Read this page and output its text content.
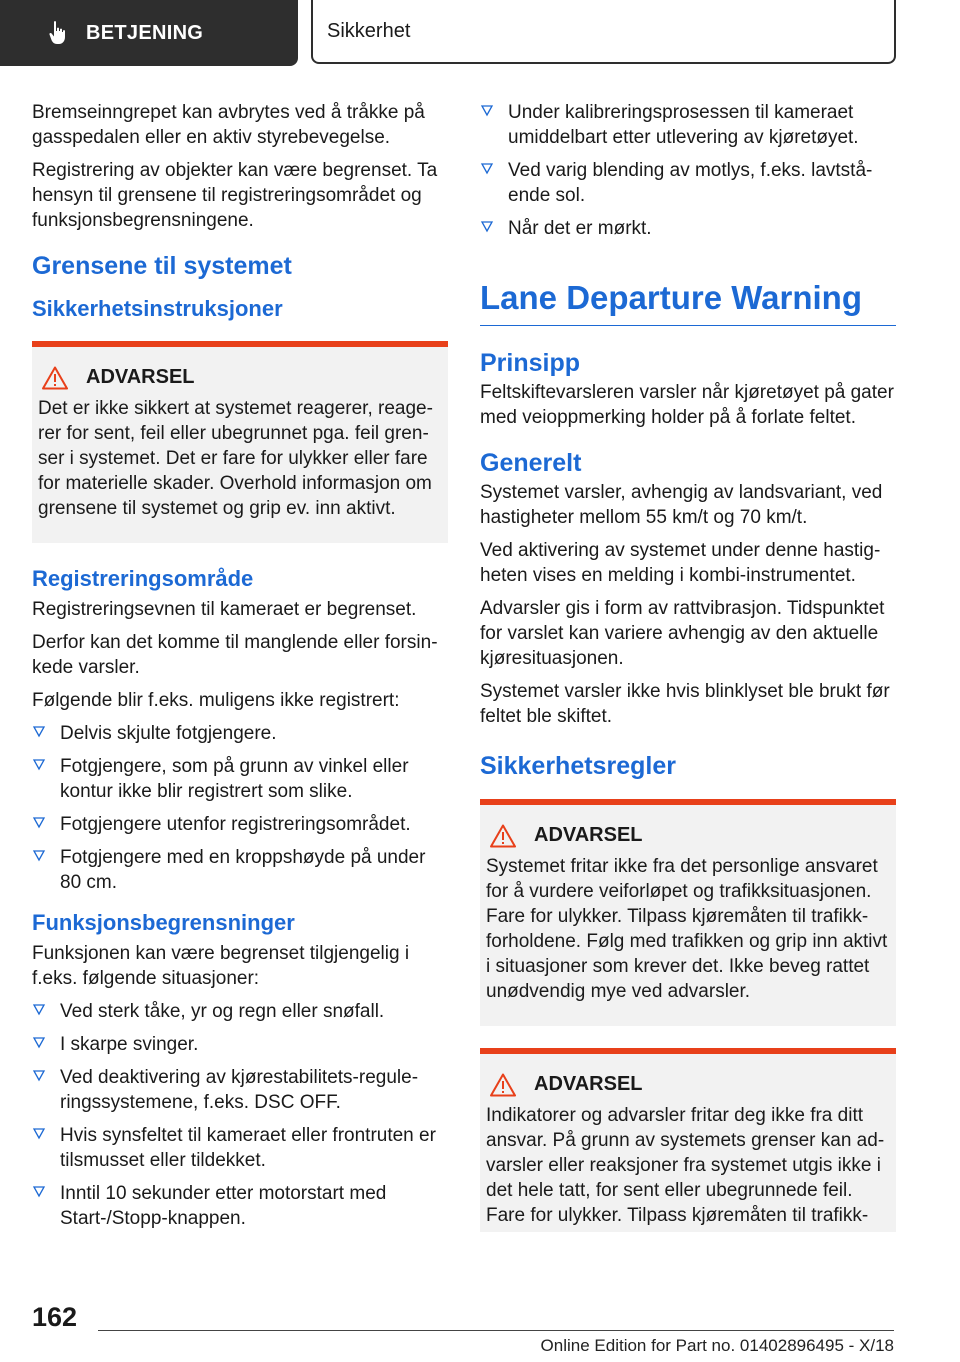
BETJENING	Sikkerhet

Bremseinngrepet kan avbrytes ved å tråkke på gasspedalen eller en aktiv styrebevegelse.

Registrering av objekter kan være begrenset. Ta hensyn til grensene til registreringsområdet og funksjonsbegrensningene.

Grensene til systemet
Sikkerhetsinstruksjoner
ADVARSEL
Det er ikke sikkert at systemet reagerer, reagerer for sent, feil eller ubegrunnet pga. feil grenser i systemet. Det er fare for ulykker eller fare for materielle skader. Overhold informasjon om grensene til systemet og grip ev. inn aktivt.
Registreringsområde

Registreringsevnen til kameraet er begrenset.

Derfor kan det komme til manglende eller forsinkede varsler.

Følgende blir f.eks. muligens ikke registrert:

Delvis skjulte fotgjengere.
Fotgjengere, som på grunn av vinkel eller kontur ikke blir registrert som slike.
Fotgjengere utenfor registreringsområdet.
Fotgjengere med en kroppshøyde på under 80 cm.
Funksjonsbegrensninger

Funksjonen kan være begrenset tilgjengelig i f.eks. følgende situasjoner:

Ved sterk tåke, yr og regn eller snøfall.
I skarpe svinger.
Ved deaktivering av kjørestabilitets-reguleringssystemene, f.eks. DSC OFF.
Hvis synsfeltet til kameraet eller frontruten er tilsmusset eller tildekket.
Inntil 10 sekunder etter motorstart med Start-/Stopp-knappen.
Under kalibreringsprosessen til kameraet umiddelbart etter utlevering av kjøretøyet.
Ved varig blending av motlys, f.eks. lavtstående sol.
Når det er mørkt.
Lane Departure Warning
Prinsipp

Feltskiftevarsleren varsler når kjøretøyet på gater med veioppmerking holder på å forlate feltet.

Generelt

Systemet varsler, avhengig av landsvariant, ved hastigheter mellom 55 km/t og 70 km/t.

Ved aktivering av systemet under denne hastigheten vises en melding i kombi-instrumentet.

Advarsler gis i form av rattvibrasjon. Tidspunktet for varslet kan variere avhengig av den aktuelle kjøresituasjonen.

Systemet varsler ikke hvis blinklyset ble brukt før feltet ble skiftet.

Sikkerhetsregler
ADVARSEL
Systemet fritar ikke fra det personlige ansvaret for å vurdere veiforløpet og trafikksituasjonen. Fare for ulykker. Tilpass kjøremåten til trafikkforholdene. Følg med trafikken og grip inn aktivt i situasjoner som krever det. Ikke beveg rattet unødvendig mye ved advarsler.
ADVARSEL
Indikatorer og advarsler fritar deg ikke fra ditt ansvar. På grunn av systemets grenser kan advarsler eller reaksjoner fra systemet utgis ikke i det hele tatt, for sent eller ubegrunnede feil. Fare for ulykker. Tilpass kjøremåten til trafikk-
162
Online Edition for Part no. 01402896495 - X/18
